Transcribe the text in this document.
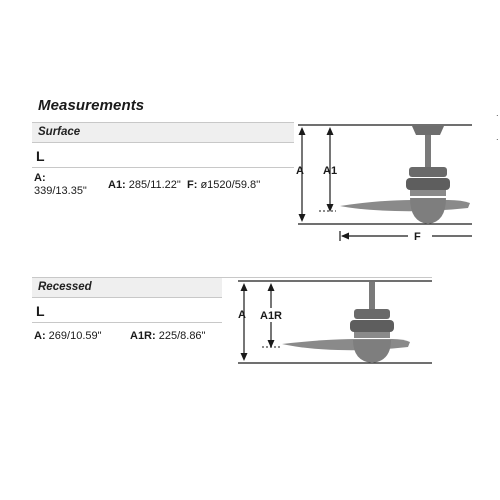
Measurements
Surface
L
A:
339/13.35" A1: 285/11.22" F: ø1520/59.8''
A A1
F
˙
˙
Recessed
L
A: 269/10.59"	A1R: 225/8.86"
A A1R
